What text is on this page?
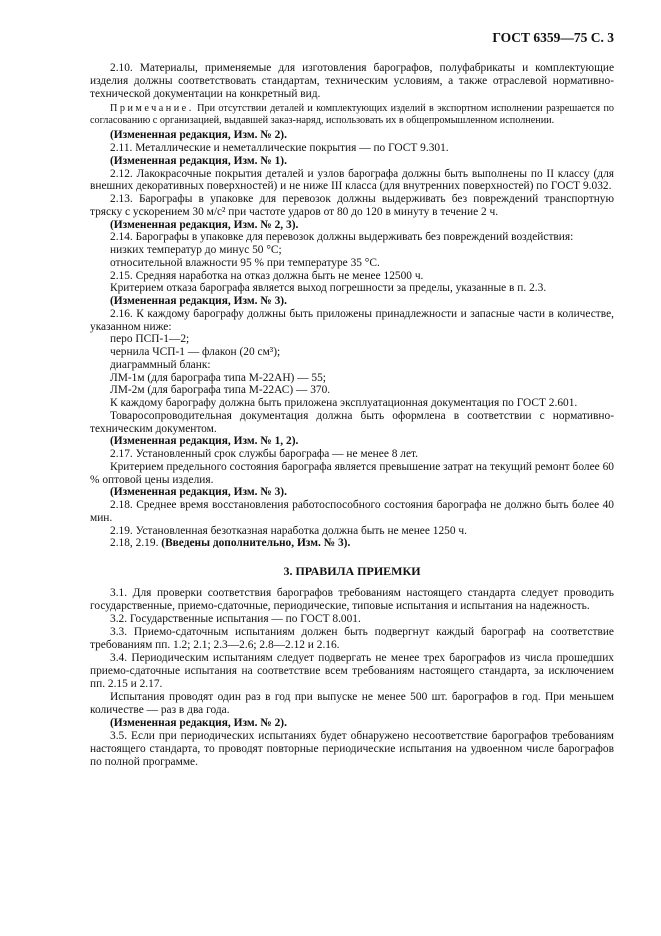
ГОСТ 6359—75 С. 3

2.10. Материалы, применяемые для изготовления барографов, полуфабрикаты и комплектующие изделия должны соответствовать стандартам, техническим условиям, а также отраслевой нормативно-технической документации на конкретный вид.

Примечание. При отсутствии деталей и комплектующих изделий в экспортном исполнении разрешается по согласованию с организацией, выдавшей заказ-наряд, использовать их в общепромышленном исполнении.

(Измененная редакция, Изм. № 2).

2.11. Металлические и неметаллические покрытия — по ГОСТ 9.301.

(Измененная редакция, Изм. № 1).

2.12. Лакокрасочные покрытия деталей и узлов барографа должны быть выполнены по II классу (для внешних декоративных поверхностей) и не ниже III класса (для внутренних поверхностей) по ГОСТ 9.032.

2.13. Барографы в упаковке для перевозок должны выдерживать без повреждений транспортную тряску с ускорением 30 м/с² при частоте ударов от 80 до 120 в минуту в течение 2 ч.

(Измененная редакция, Изм. № 2, 3).

2.14. Барографы в упаковке для перевозок должны выдерживать без повреждений воздействия:

низких температур до минус 50 °С;

относительной влажности 95 % при температуре 35 °С.

2.15. Средняя наработка на отказ должна быть не менее 12500 ч.

Критерием отказа барографа является выход погрешности за пределы, указанные в п. 2.3.

(Измененная редакция, Изм. № 3).

2.16. К каждому барографу должны быть приложены принадлежности и запасные части в количестве, указанном ниже:

перо ПСП-1—2;

чернила ЧСП-1 — флакон (20 см³);

диаграммный бланк:

ЛМ-1м (для барографа типа М-22АН) — 55;

ЛМ-2м (для барографа типа М-22АС) — 370.

К каждому барографу должна быть приложена эксплуатационная документация по ГОСТ 2.601.

Товаросопроводительная документация должна быть оформлена в соответствии с нормативно-техническим документом.

(Измененная редакция, Изм. № 1, 2).

2.17. Установленный срок службы барографа — не менее 8 лет.

Критерием предельного состояния барографа является превышение затрат на текущий ремонт более 60 % оптовой цены изделия.

(Измененная редакция, Изм. № 3).

2.18. Среднее время восстановления работоспособного состояния барографа не должно быть более 40 мин.

2.19. Установленная безотказная наработка должна быть не менее 1250 ч.

2.18, 2.19. (Введены дополнительно, Изм. № 3).

3. ПРАВИЛА ПРИЕМКИ

3.1. Для проверки соответствия барографов требованиям настоящего стандарта следует проводить государственные, приемо-сдаточные, периодические, типовые испытания и испытания на надежность.

3.2. Государственные испытания — по ГОСТ 8.001.

3.3. Приемо-сдаточным испытаниям должен быть подвергнут каждый барограф на соответствие требованиям пп. 1.2; 2.1; 2.3—2.6; 2.8—2.12 и 2.16.

3.4. Периодическим испытаниям следует подвергать не менее трех барографов из числа прошедших приемо-сдаточные испытания на соответствие всем требованиям настоящего стандарта, за исключением пп. 2.15 и 2.17.

Испытания проводят один раз в год при выпуске не менее 500 шт. барографов в год. При меньшем количестве — раз в два года.

(Измененная редакция, Изм. № 2).

3.5. Если при периодических испытаниях будет обнаружено несоответствие барографов требованиям настоящего стандарта, то проводят повторные периодические испытания на удвоенном числе барографов по полной программе.
